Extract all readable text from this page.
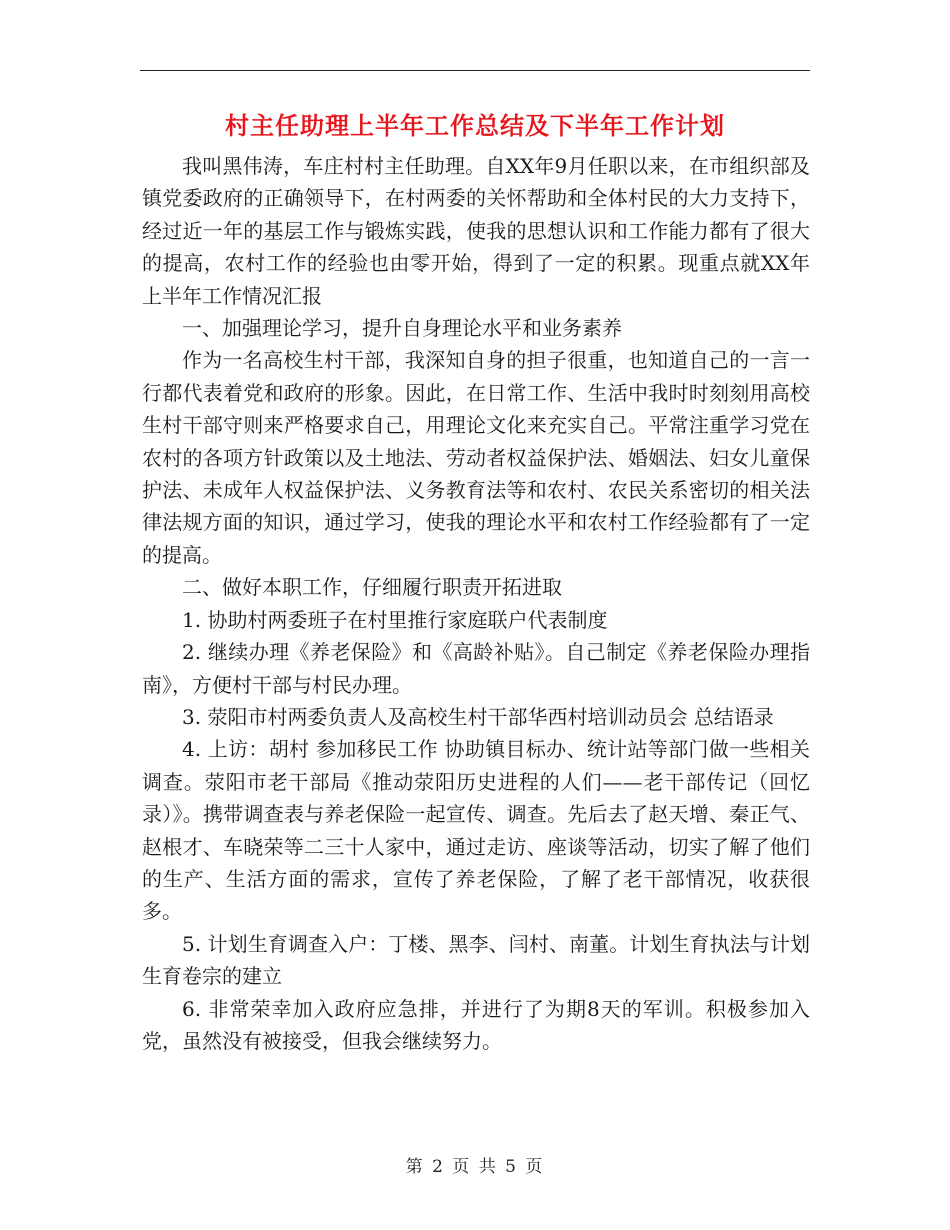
村主任助理上半年工作总结及下半年工作计划

我叫黑伟涛，车庄村村主任助理。自XX年9月任职以来，在市组织部及镇党委政府的正确领导下，在村两委的关怀帮助和全体村民的大力支持下，经过近一年的基层工作与锻炼实践，使我的思想认识和工作能力都有了很大的提高，农村工作的经验也由零开始，得到了一定的积累。现重点就XX年上半年工作情况汇报

一、加强理论学习，提升自身理论水平和业务素养

作为一名高校生村干部，我深知自身的担子很重，也知道自己的一言一行都代表着党和政府的形象。因此，在日常工作、生活中我时时刻刻用高校生村干部守则来严格要求自己，用理论文化来充实自己。平常注重学习党在农村的各项方针政策以及土地法、劳动者权益保护法、婚姻法、妇女儿童保护法、未成年人权益保护法、义务教育法等和农村、农民关系密切的相关法律法规方面的知识，通过学习，使我的理论水平和农村工作经验都有了一定的提高。

二、做好本职工作，仔细履行职责开拓进取

1. 协助村两委班子在村里推行家庭联户代表制度

2. 继续办理《养老保险》和《高龄补贴》。自己制定《养老保险办理指南》，方便村干部与村民办理。

3. 荥阳市村两委负责人及高校生村干部华西村培训动员会 总结语录

4. 上访：胡村 参加移民工作 协助镇目标办、统计站等部门做一些相关调查。荥阳市老干部局《推动荥阳历史进程的人们——老干部传记（回忆录）》。携带调查表与养老保险一起宣传、调查。先后去了赵天增、秦正气、赵根才、车晓荣等二三十人家中，通过走访、座谈等活动，切实了解了他们的生产、生活方面的需求，宣传了养老保险，了解了老干部情况，收获很多。

5. 计划生育调查入户：丁楼、黑李、闫村、南董。计划生育执法与计划生育卷宗的建立

6. 非常荣幸加入政府应急排，并进行了为期8天的军训。积极参加入党，虽然没有被接受，但我会继续努力。

第 2 页 共 5 页
